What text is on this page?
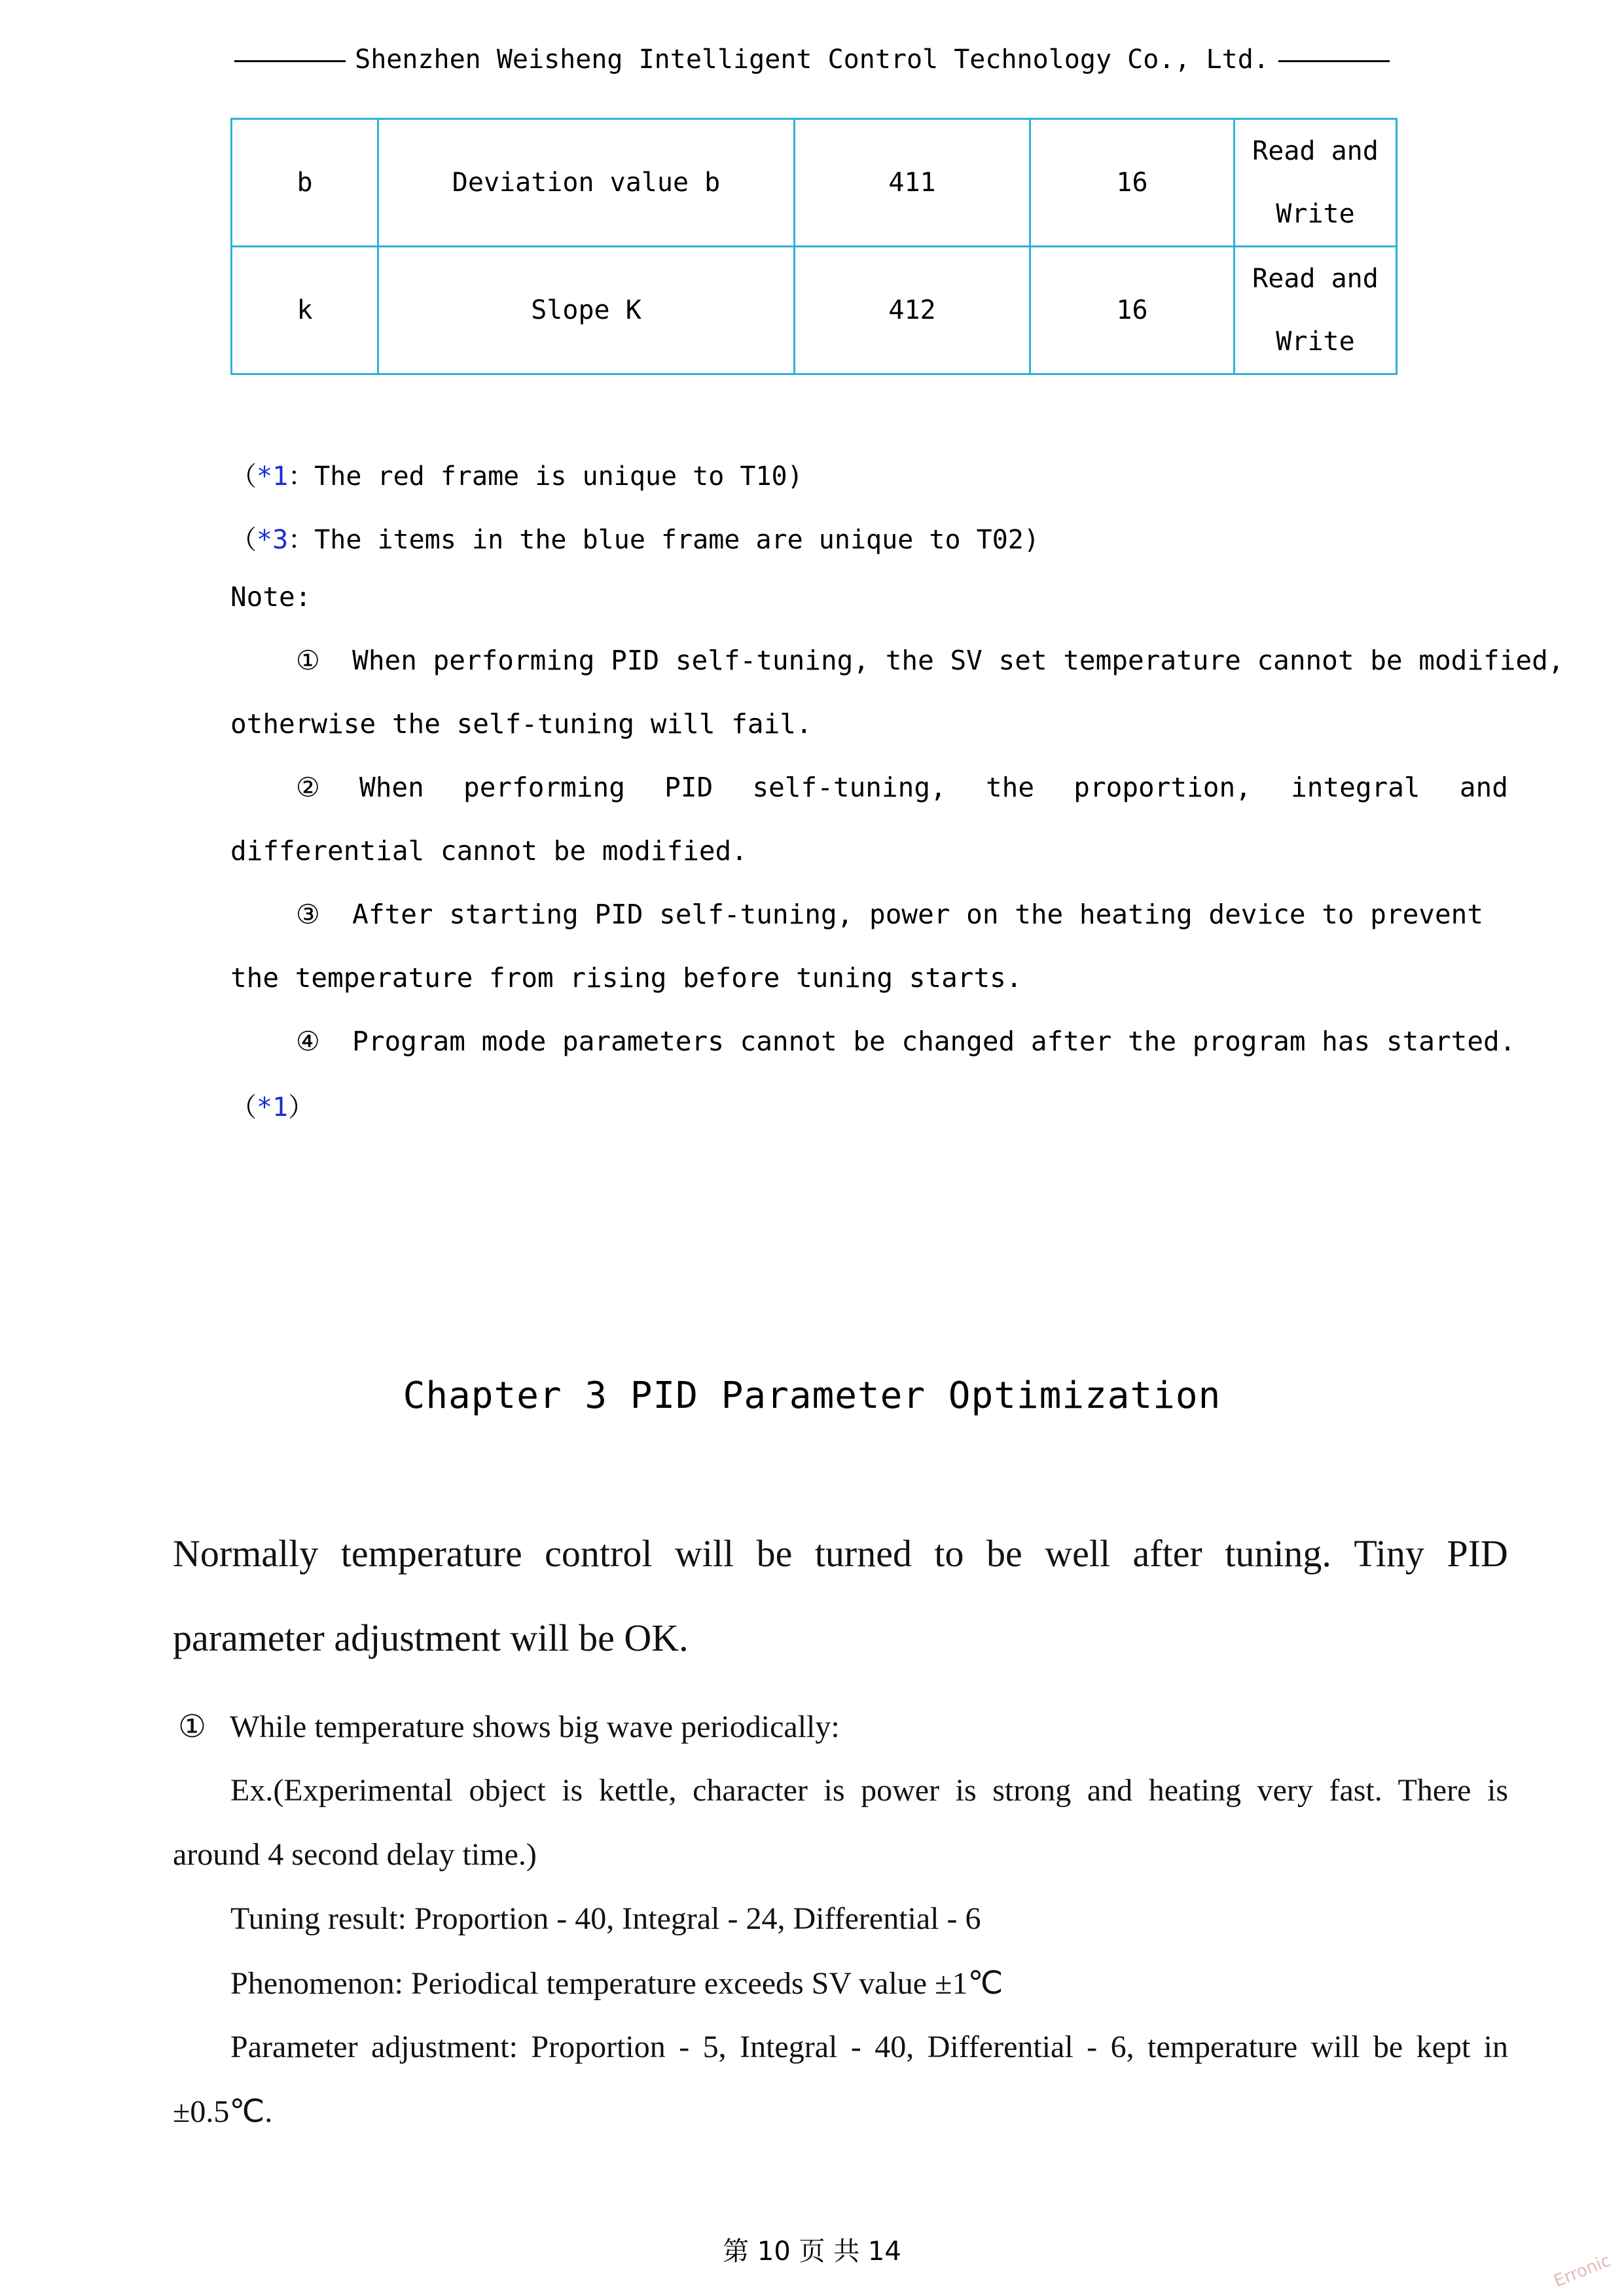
Shenzhen Weisheng Intelligent Control Technology Co., Ltd.
b	Deviation value b	411	16	Read and
Write

k	Slope K	412	16	Read and
Write
（*1：The red frame is unique to T10)
（*3：The items in the blue frame are unique to T02)
Note:
① When performing PID self-tuning, the SV set temperature cannot be modified,
otherwise the self-tuning will fail.
② When performing PID self-tuning, the proportion, integral and
differential cannot be modified.
③ After starting PID self-tuning, power on the heating device to prevent
the temperature from rising before tuning starts.
④ Program mode parameters cannot be changed after the program has started.
（*1）
Chapter 3 PID Parameter Optimization
Normally temperature control will be turned to be well after tuning. Tiny PID
parameter adjustment will be OK.
① While temperature shows big wave periodically:
Ex.(Experimental object is kettle, character is power is strong and heating very fast. There is
around 4 second delay time.)
Tuning result: Proportion - 40, Integral - 24, Differential - 6
Phenomenon: Periodical temperature exceeds SV value ±1℃
Parameter adjustment: Proportion - 5, Integral - 40, Differential - 6, temperature will be kept in
±0.5℃.
第 10 页 共 14	Erronic
